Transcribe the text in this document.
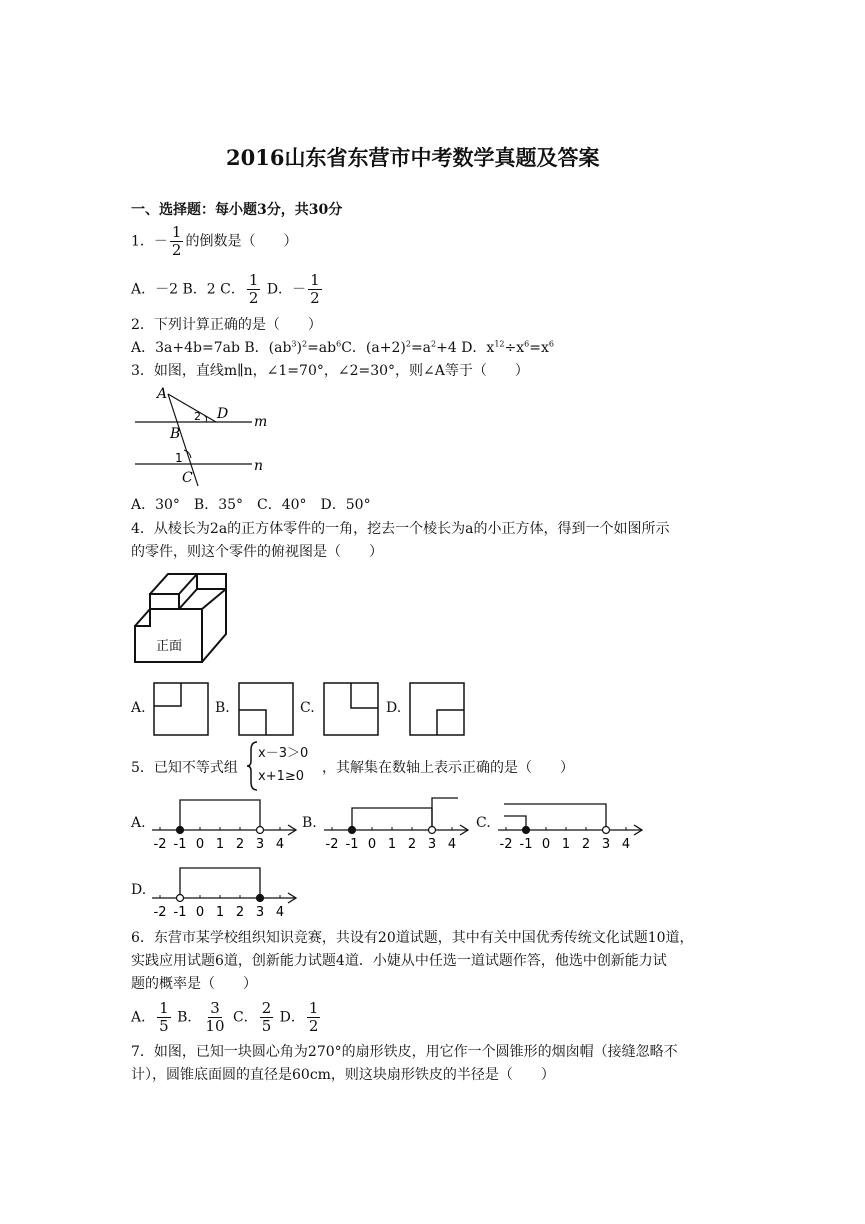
2016山东省东营市中考数学真题及答案
一、选择题：每小题3分，共30分
1．－ $\frac{1}{2}$ 的倒数是（　　）
A．－2 B．2 C． $\frac{1}{2}$ D．－ $\frac{1}{2}$
2．下列计算正确的是（　　）
A．3a+4b=7ab B．$(ab^3)^2=ab^6C$．$(a+2)^2=a^2+4$ D．$x^{12}\div x^6=x^6$
3．如图，直线m∥n，∠1=70°，∠2=30°，则∠A等于（　　）
A
B
C
D m
n
1
2
A．30°　B．35°　C．40°　D．50°
4．从棱长为2a的正方体零件的一角，挖去一个棱长为a的小正方体，得到一个如图所示
的零件，则这个零件的俯视图是（　　）
正面
A.	B.	C.	D.
5．已知不等式组
x－3＞0
x+1≥0
，其解集在数轴上表示正确的是（　　）
A.
-2 -1 0 1 2 3 4
B.
-2 -1 0 1 2 3 4
C.
-2 -1 0 1 2 3 4
D.
-2 -1 0 1 2 3 4
6．东营市某学校组织知识竞赛，共设有20道试题，其中有关中国优秀传统文化试题10道，
实践应用试题6道，创新能力试题4道．小婕从中任选一道试题作答，他选中创新能力试
题的概率是（　　）
A． $\frac{1}{5}$ B． $\frac{3}{10}$ C． $\frac{2}{5}$ D． $\frac{1}{2}$
7．如图，已知一块圆心角为270°的扇形铁皮，用它作一个圆锥形的烟囱帽（接缝忽略不
计），圆锥底面圆的直径是60cm，则这块扇形铁皮的半径是（　　）
